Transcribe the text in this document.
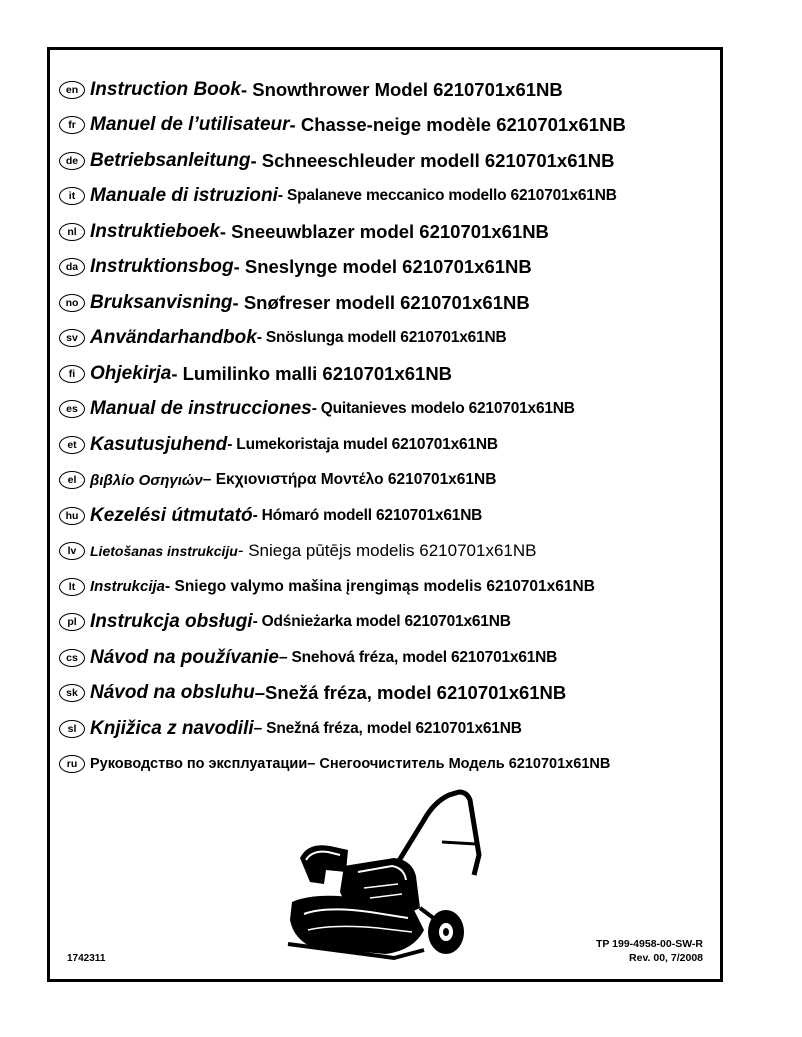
en Instruction Book - Snowthrower Model 6210701x61NB
fr Manuel de l’utilisateur - Chasse-neige modèle 6210701x61NB
de Betriebsanleitung - Schneeschleuder modell 6210701x61NB
it Manuale di istruzioni - Spalaneve meccanico modello 6210701x61NB
nl Instruktieboek - Sneeuwblazer model 6210701x61NB
da Instruktionsbog - Sneslynge model 6210701x61NB
no Bruksanvisning - Snøfreser modell 6210701x61NB
sv Användarhandbok - Snöslunga modell 6210701x61NB
fi Ohjekirja - Lumilinko malli 6210701x61NB
es Manual de instrucciones - Quitanieves modelo 6210701x61NB
et Kasutusjuhend - Lumekoristaja mudel 6210701x61NB
el βιβλίο Οσηγιών – Εκχιονιστήρα Μοντέλο 6210701x61NB
hu Kezelési útmutató - Hómaró modell 6210701x61NB
lv Lietošanas instrukciju - Sniega pūtējs modelis 6210701x61NB
lt Instrukcija - Sniego valymo mašina įrengimąs modelis 6210701x61NB
pl Instrukcja obsługi - Odśnieżarka model 6210701x61NB
cs Návod na používanie – Snehová fréza, model 6210701x61NB
sk Návod na obsluhu –Snežá fréza, model 6210701x61NB
sl Knjižica z navodili – Snežná fréza, model 6210701x61NB
ru Руководство по эксплуатации – Снегоочиститель Модель 6210701x61NB
1742311
TP 199-4958-00-SW-R
Rev. 00, 7/2008
